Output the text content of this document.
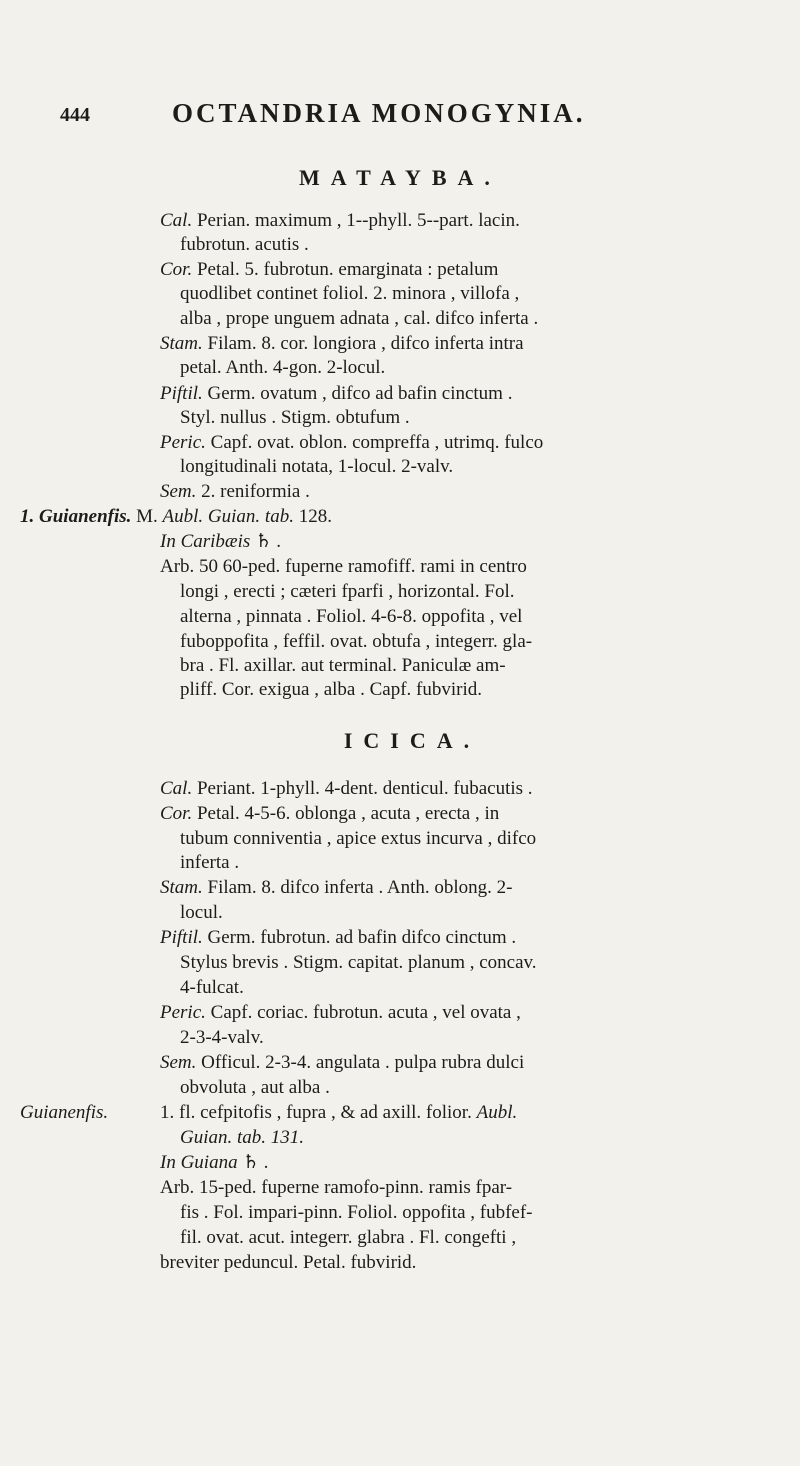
444	OCTANDRIA MONOGYNIA.
MATAYBA.
Cal. Perian. maximum , 1--phyll. 5--part. lacin.
fubrotun. acutis .
Cor. Petal. 5. fubrotun. emarginata : petalum
quodlibet continet foliol. 2. minora , villofa ,
alba , prope unguem adnata , cal. difco inferta .
Stam. Filam. 8. cor. longiora , difco inferta intra
petal. Anth. 4-gon. 2-locul.
Piftil. Germ. ovatum , difco ad bafin cinctum .
Styl. nullus . Stigm. obtufum .
Peric. Capf. ovat. oblon. compreffa , utrimq. fulco
longitudinali notata, 1-locul. 2-valv.
Sem. 2. reniformia .
1. Guianenfis. M. Aubl. Guian. tab. 128.
In Caribæis ♄ .
Arb. 50 60-ped. fuperne ramofiff. rami in centro
longi , erecti ; cæteri fparfi , horizontal. Fol.
alterna , pinnata . Foliol. 4-6-8. oppofita , vel
fuboppofita , feffil. ovat. obtufa , integerr. gla-
bra . Fl. axillar. aut terminal. Paniculæ am-
pliff. Cor. exigua , alba . Capf. fubvirid.
ICICA.
Cal. Periant. 1-phyll. 4-dent. denticul. fubacutis .
Cor. Petal. 4-5-6. oblonga , acuta , erecta , in
tubum conniventia , apice extus incurva , difco
inferta .
Stam. Filam. 8. difco inferta . Anth. oblong. 2-
locul.
Piftil. Germ. fubrotun. ad bafin difco cinctum .
Stylus brevis . Stigm. capitat. planum , concav.
4-fulcat.
Peric. Capf. coriac. fubrotun. acuta , vel ovata ,
2-3-4-valv.
Sem. Officul. 2-3-4. angulata . pulpa rubra dulci
obvoluta , aut alba .
Guianenfis.	1. fl. cefpitofis , fupra , & ad axill. folior. Aubl.
Guian. tab. 131.
In Guiana ♄ .
Arb. 15-ped. fuperne ramofo-pinn. ramis fpar-
fis . Fol. impari-pinn. Foliol. oppofita , fubfef-
fil. ovat. acut. integerr. glabra . Fl. congefti ,
breviter peduncul. Petal. fubvirid.
